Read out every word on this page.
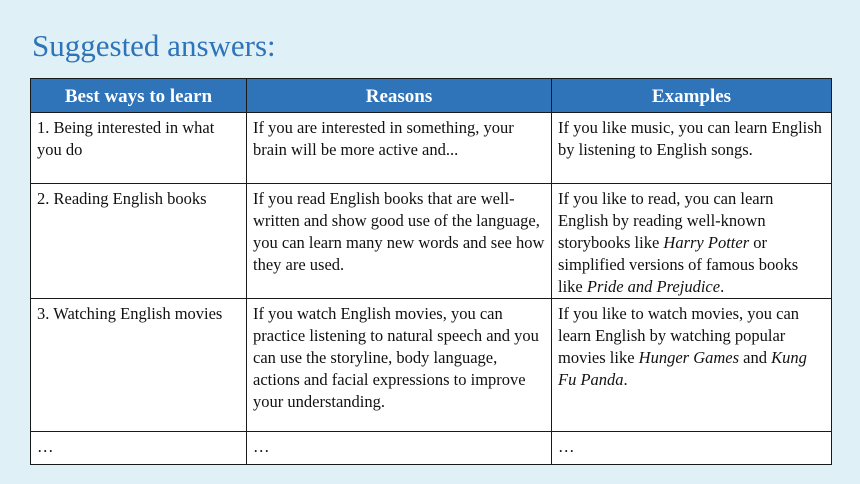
Suggested answers:
Best ways to learn	Reasons	Examples
1. Being interested in what you do	If you are interested in something, your brain will be more active and...	If you like music, you can learn English by listening to English songs.
2. Reading English books	If you read English books that are well-written and show good use of the language, you can learn many new words and see how they are used.	If you like to read, you can learn English by reading well-known storybooks like Harry Potter or simplified versions of famous books like Pride and Prejudice.
3. Watching English movies	If you watch English movies, you can practice listening to natural speech and you can use the storyline, body language, actions and facial expressions to improve your understanding.	If you like to watch movies, you can learn English by watching popular movies like Hunger Games and Kung Fu Panda.
…	…	…
